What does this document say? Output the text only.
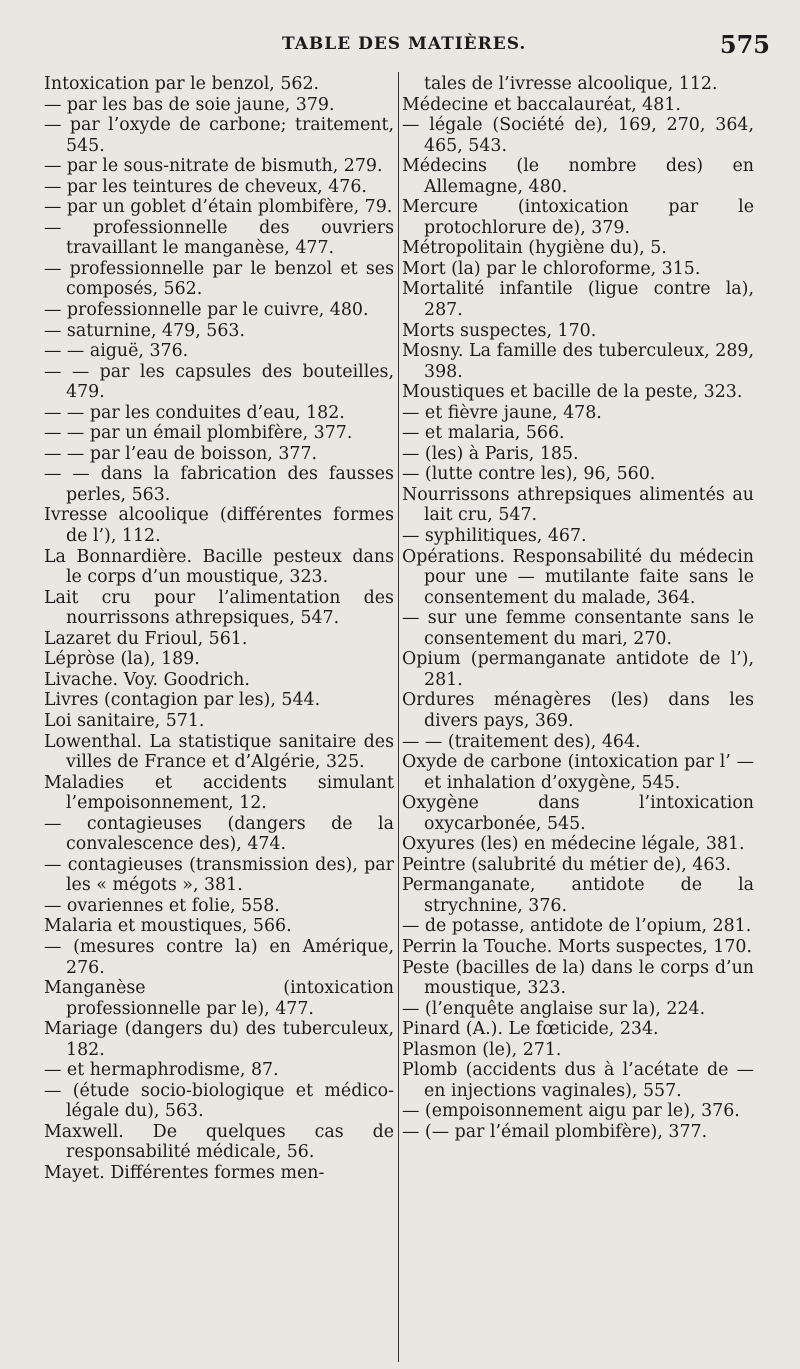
TABLE DES MATIÈRES.	575
Intoxication par le benzol, 562.
— par les bas de soie jaune, 379.
— par l’oxyde de carbone; traitement, 545.
— par le sous-nitrate de bismuth, 279.
— par les teintures de cheveux, 476.
— par un goblet d’étain plombifère, 79.
— professionnelle des ouvriers travaillant le manganèse, 477.
— professionnelle par le benzol et ses composés, 562.
— professionnelle par le cuivre, 480.
— saturnine, 479, 563.
— — aiguë, 376.
— — par les capsules des bouteilles, 479.
— — par les conduites d’eau, 182.
— — par un émail plombifère, 377.
— — par l’eau de boisson, 377.
— — dans la fabrication des fausses perles, 563.
Ivresse alcoolique (différentes formes de l’), 112.
La Bonnardière. Bacille pesteux dans le corps d’un moustique, 323.
Lait cru pour l’alimentation des nourrissons athrepsiques, 547.
Lazaret du Frioul, 561.
Lépròse (la), 189.
Livache. Voy. Goodrich.
Livres (contagion par les), 544.
Loi sanitaire, 571.
Lowenthal. La statistique sanitaire des villes de France et d’Algérie, 325.
Maladies et accidents simulant l’empoisonnement, 12.
— contagieuses (dangers de la convalescence des), 474.
— contagieuses (transmission des), par les « mégots », 381.
— ovariennes et folie, 558.
Malaria et moustiques, 566.
— (mesures contre la) en Amérique, 276.
Manganèse (intoxication professionnelle par le), 477.
Mariage (dangers du) des tuberculeux, 182.
— et hermaphrodisme, 87.
— (étude socio-biologique et médico-légale du), 563.
Maxwell. De quelques cas de responsabilité médicale, 56.
Mayet. Différentes formes men-
tales de l’ivresse alcoolique, 112.
Médecine et baccalauréat, 481.
— légale (Société de), 169, 270, 364, 465, 543.
Médecins (le nombre des) en Allemagne, 480.
Mercure (intoxication par le protochlorure de), 379.
Métropolitain (hygiène du), 5.
Mort (la) par le chloroforme, 315.
Mortalité infantile (ligue contre la), 287.
Morts suspectes, 170.
Mosny. La famille des tuberculeux, 289, 398.
Moustiques et bacille de la peste, 323.
— et fièvre jaune, 478.
— et malaria, 566.
— (les) à Paris, 185.
— (lutte contre les), 96, 560.
Nourrissons athrepsiques alimentés au lait cru, 547.
— syphilitiques, 467.
Opérations. Responsabilité du médecin pour une — mutilante faite sans le consentement du malade, 364.
— sur une femme consentante sans le consentement du mari, 270.
Opium (permanganate antidote de l’), 281.
Ordures ménagères (les) dans les divers pays, 369.
— — (traitement des), 464.
Oxyde de carbone (intoxication par l’ — et inhalation d’oxygène, 545.
Oxygène dans l’intoxication oxycarbonée, 545.
Oxyures (les) en médecine légale, 381.
Peintre (salubrité du métier de), 463.
Permanganate, antidote de la strychnine, 376.
— de potasse, antidote de l’opium, 281.
Perrin la Touche. Morts suspectes, 170.
Peste (bacilles de la) dans le corps d’un moustique, 323.
— (l’enquête anglaise sur la), 224.
Pinard (A.). Le fœticide, 234.
Plasmon (le), 271.
Plomb (accidents dus à l’acétate de — en injections vaginales), 557.
— (empoisonnement aigu par le), 376.
— (— par l’émail plombifère), 377.
